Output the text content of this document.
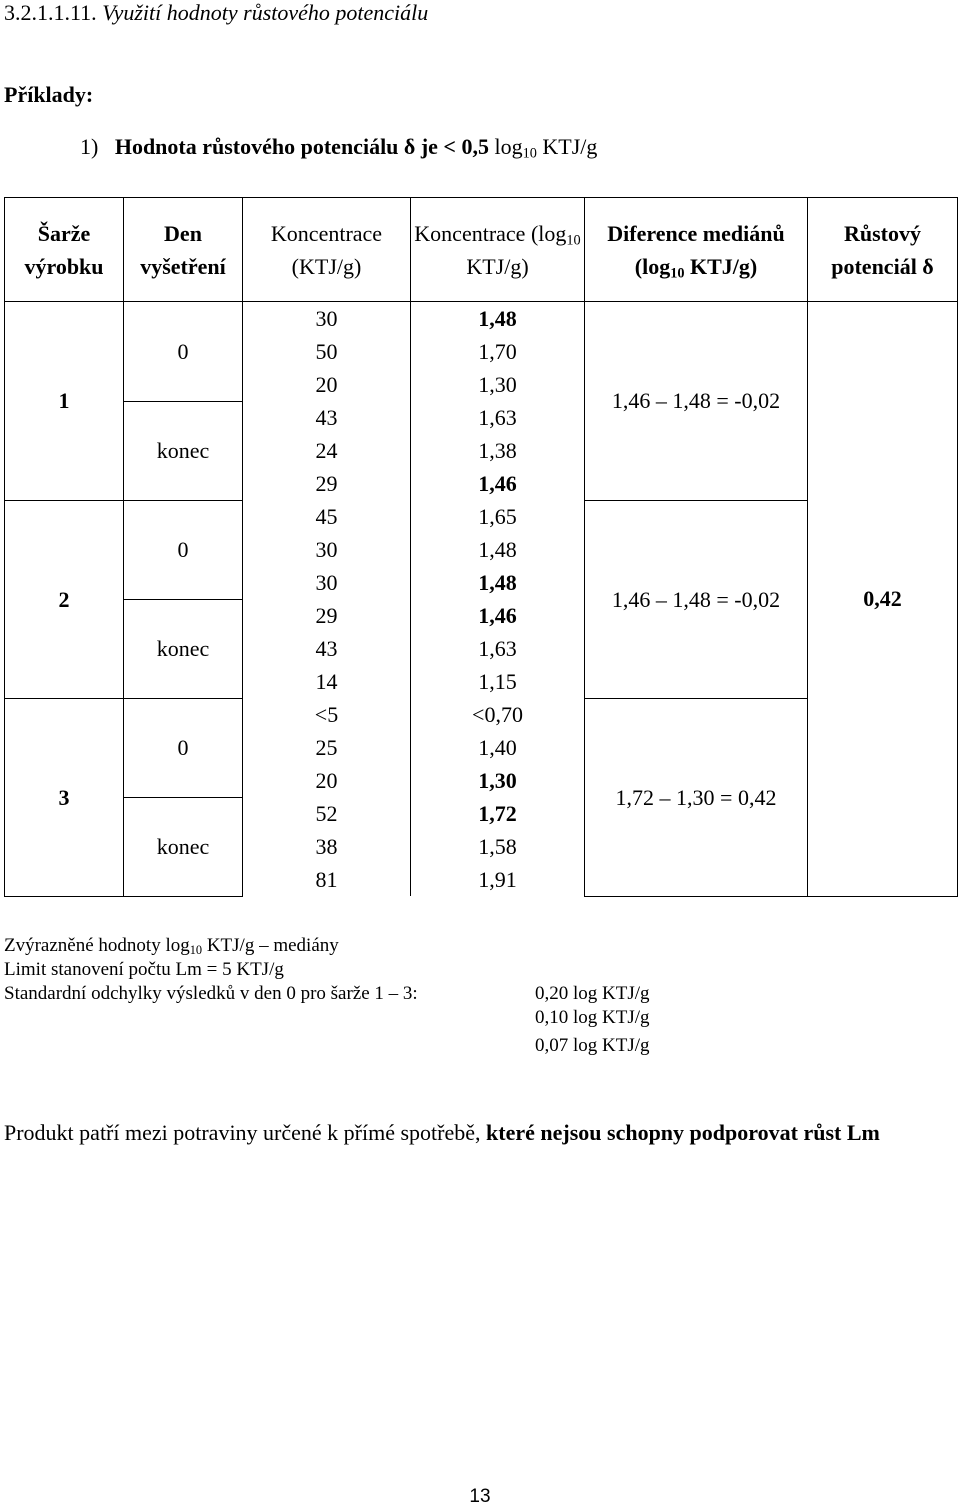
3.2.1.1.11. Využití hodnoty růstového potenciálu
Příklady:
1) Hodnota růstového potenciálu δ je < 0,5 $\log_{10} KTJ/g$
Šarže výrobku	Den vyšetření	Koncentrace (KTJ/g)	Koncentrace ($\log_{10}$ KTJ/g)	Diference mediánů ($\log_{10}$ KTJ/g)	Růstový potenciál δ
1	0	30	1,48	1,46 – 1,48 = -0,02	0,42
		50	1,70		
		20	1,30		
	konec	43	1,63		
		24	1,38		
		29	1,46		
2	0	45	1,65	1,46 – 1,48 = -0,02	
		30	1,48		
		30	1,48		
	konec	29	1,46		
		43	1,63		
		14	1,15		
3	0	<5	<0,70	1,72 – 1,30 = 0,42	
		25	1,40		
		20	1,30		
	konec	52	1,72		
		38	1,58		
		81	1,91		
Zvýrazněné hodnoty $\log_{10} KTJ/g$ – mediány
Limit stanovení počtu Lm = 5 KTJ/g
Standardní odchylky výsledků v den 0 pro šarže 1 – 3:	0,20 log KTJ/g
0,10 log KTJ/g
0,07 log KTJ/g
Produkt patří mezi potraviny určené k přímé spotřebě, které nejsou schopny podporovat růst Lm
13
